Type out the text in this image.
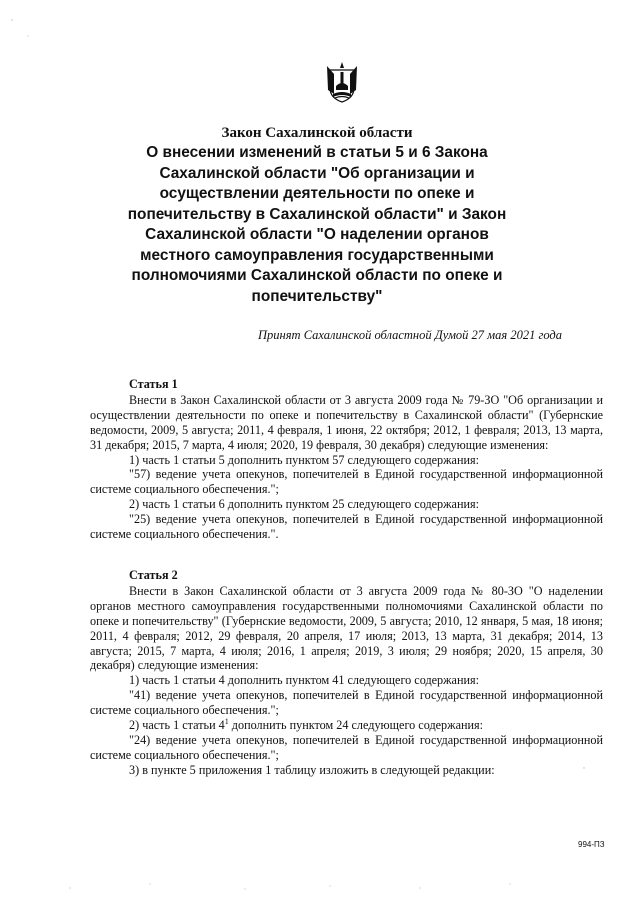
Закон Сахалинской области
О внесении изменений в статьи 5 и 6 Закона
Сахалинской области "Об организации и
осуществлении деятельности по опеке и
попечительству в Сахалинской области" и Закон
Сахалинской области "О наделении органов
местного самоуправления государственными
полномочиями Сахалинской области по опеке и
попечительству"
Принят Сахалинской областной Думой 27 мая 2021 года
Статья 1

Внести в Закон Сахалинской области от 3 августа 2009 года № 79-ЗО "Об организации и осуществлении деятельности по опеке и попечительству в Сахалинской области" (Губернские ведомости, 2009, 5 августа; 2011, 4 февраля, 1 июня, 22 октября; 2012, 1 февраля; 2013, 13 марта, 31 декабря; 2015, 7 марта, 4 июля; 2020, 19 февраля, 30 декабря) следующие изменения:

1) часть 1 статьи 5 дополнить пунктом 57 следующего содержания:

"57) ведение учета опекунов, попечителей в Единой государственной информационной системе социального обеспечения.";

2) часть 1 статьи 6 дополнить пунктом 25 следующего содержания:

"25) ведение учета опекунов, попечителей в Единой государственной информационной системе социального обеспечения.".

Статья 2

Внести в Закон Сахалинской области от 3 августа 2009 года № 80-ЗО "О наделении органов местного самоуправления государственными полномочиями Сахалинской области по опеке и попечительству" (Губернские ведомости, 2009, 5 августа; 2010, 12 января, 5 мая, 18 июня; 2011, 4 февраля; 2012, 29 февраля, 20 апреля, 17 июля; 2013, 13 марта, 31 декабря; 2014, 13 августа; 2015, 7 марта, 4 июля; 2016, 1 апреля; 2019, 3 июля; 29 ноября; 2020, 15 апреля, 30 декабря) следующие изменения:

1) часть 1 статьи 4 дополнить пунктом 41 следующего содержания:

"41) ведение учета опекунов, попечителей в Единой государственной информационной системе социального обеспечения.";

2) часть 1 статьи $4^1$ дополнить пунктом 24 следующего содержания:

"24) ведение учета опекунов, попечителей в Единой государственной информационной системе социального обеспечения.";

3) в пункте 5 приложения 1 таблицу изложить в следующей редакции:

994-ПЗ
